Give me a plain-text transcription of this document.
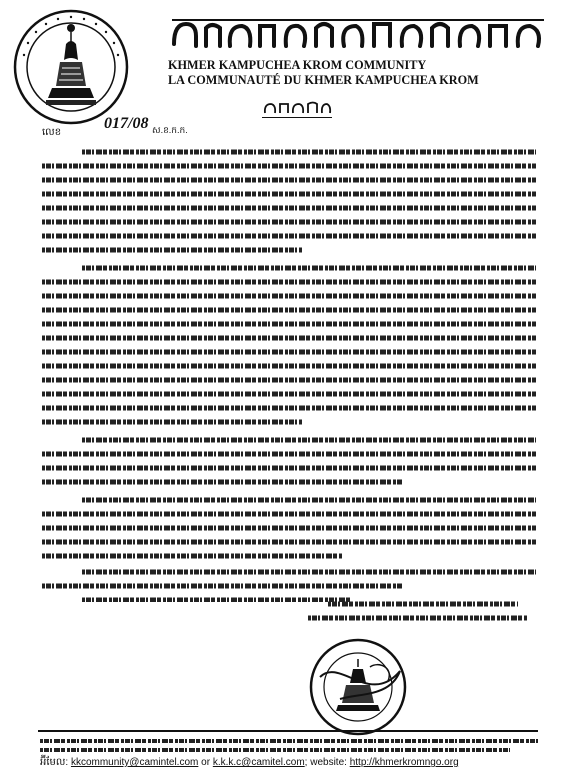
KHMER KAMPUCHEA KROM COMMUNITY
LA COMMUNAUTÉ DU KHMER KAMPUCHEA KROM
លេខ
017/08 ស.ខ.ក.ក.
អ៊ីមែល: kkcommunity@camintel.com or k.k.k.c@camitel.com; website: http://khmerkromngo.org
